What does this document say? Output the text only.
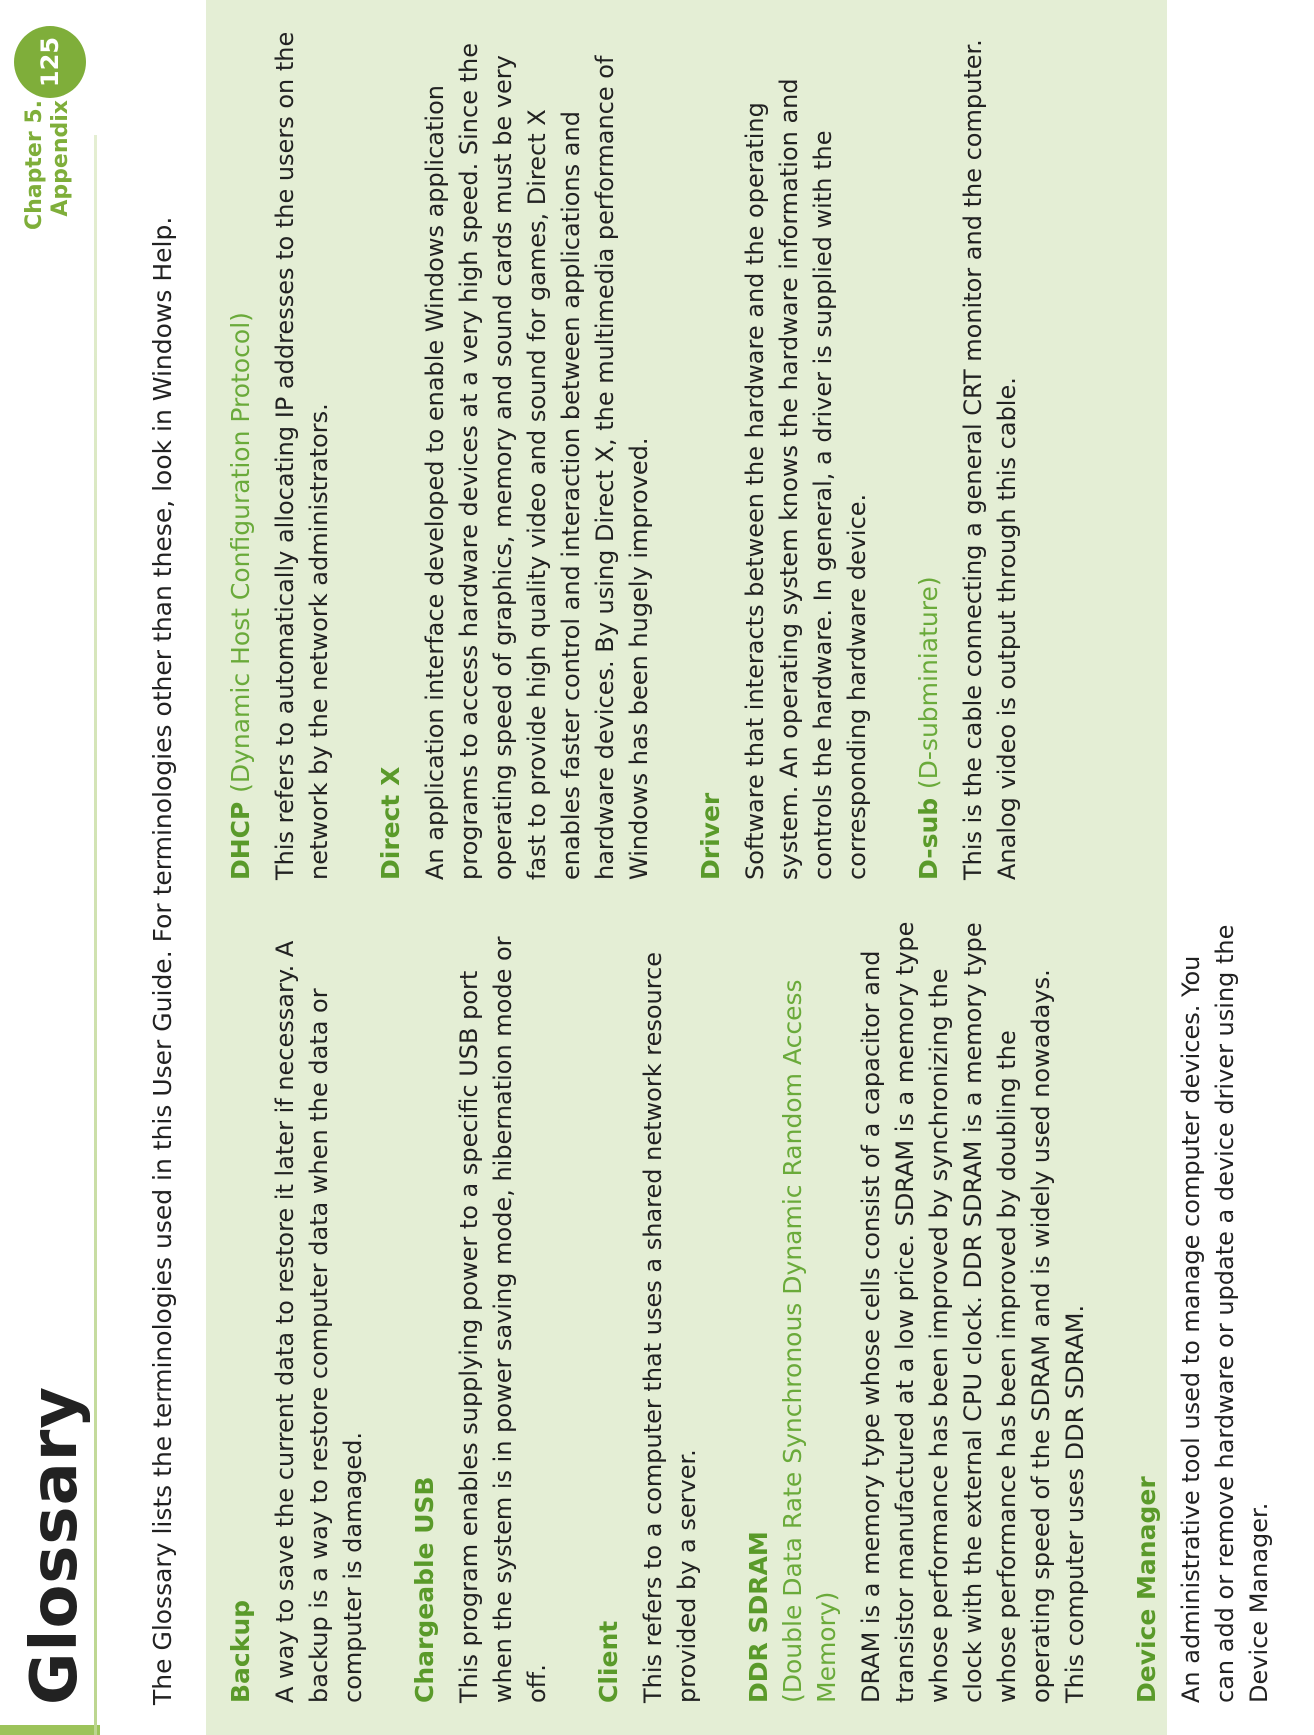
Glossary
Chapter 5. Appendix
125
The Glossary lists the terminologies used in this User Guide. For terminologies other than these, look in Windows Help. Backup A way to save the current data to restore it later if necessary. A backup is a way to restore computer data when the data or computer is damaged. Chargeable USB This program enables supplying power to a specific USB port when the system is in power saving mode, hibernation mode or off. Client This refers to a computer that uses a shared network resource provided by a server. DDR SDRAM (Double Data Rate Synchronous Dynamic Random Access Memory) DRAM is a memory type whose cells consist of a capacitor and transistor manufactured at a low price. SDRAM is a memory type whose performance has been improved by synchronizing the clock with the external CPU clock. DDR SDRAM is a memory type whose performance has been improved by doubling the operating speed of the SDRAM and is widely used nowadays. This computer uses DDR SDRAM. Device Manager An administrative tool used to manage computer devices. You can add or remove hardware or update a device driver using the Device Manager.
DHCP (Dynamic Host Configuration Protocol) This refers to automatically allocating IP addresses to the users on the network by the network administrators. Direct X An application interface developed to enable Windows application programs to access hardware devices at a very high speed. Since the operating speed of graphics, memory and sound cards must be very fast to provide high quality video and sound for games, Direct X enables faster control and interaction between applications and hardware devices. By using Direct X, the multimedia performance of Windows has been hugely improved. Driver Software that interacts between the hardware and the operating system. An operating system knows the hardware information and controls the hardware. In general, a driver is supplied with the corresponding hardware device. D-sub (D-subminiature) This is the cable connecting a general CRT monitor and the computer. Analog video is output through this cable.
